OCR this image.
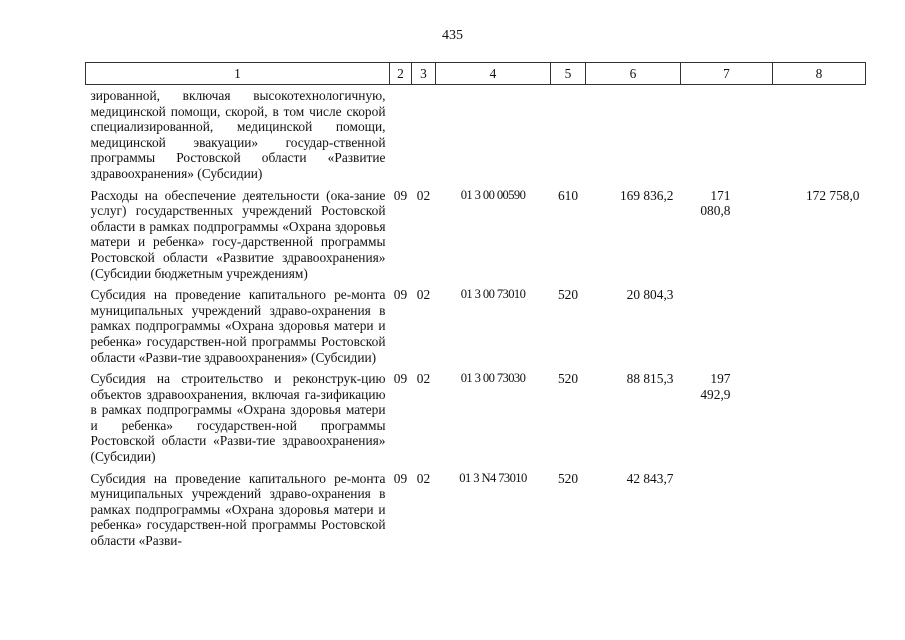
435
1	2	3	4	5	6	7	8
зированной, включая высокотехнологичную, медицинской помощи, скорой, в том числе скорой специализированной, медицинской помощи, медицинской эвакуации» государ-ственной программы Ростовской области «Развитие здравоохранения» (Субсидии)							
Расходы на обеспечение деятельности (ока-зание услуг) государственных учреждений Ростовской области в рамках подпрограммы «Охрана здоровья матери и ребенка» госу-дарственной программы Ростовской области «Развитие здравоохранения» (Субсидии бюджетным учреждениям)	09	02	01 3 00 00590	610	169 836,2	171 080,8	172 758,0
Субсидия на проведение капитального ре-монта муниципальных учреждений здраво-охранения в рамках подпрограммы «Охрана здоровья матери и ребенка» государствен-ной программы Ростовской области «Разви-тие здравоохранения» (Субсидии)	09	02	01 3 00 73010	520	20 804,3		
Субсидия на строительство и реконструк-цию объектов здравоохранения, включая га-зификацию в рамках подпрограммы «Охрана здоровья матери и ребенка» государствен-ной программы Ростовской области «Разви-тие здравоохранения» (Субсидии)	09	02	01 3 00 73030	520	88 815,3	197 492,9	
Субсидия на проведение капитального ре-монта муниципальных учреждений здраво-охранения в рамках подпрограммы «Охрана здоровья матери и ребенка» государствен-ной программы Ростовской области «Разви-	09	02	01 3 N4 73010	520	42 843,7		
